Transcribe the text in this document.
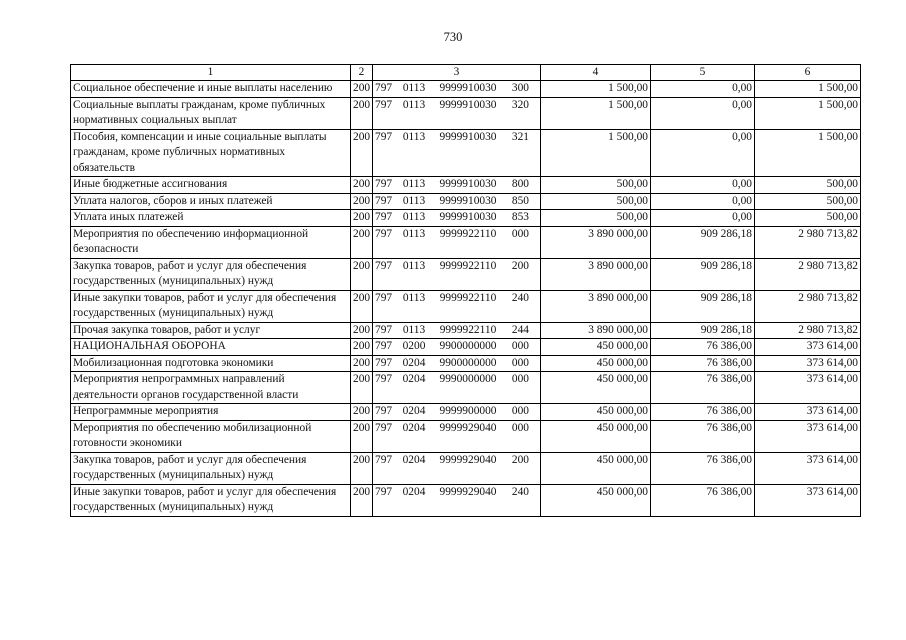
730
1	2	3	4	5	6
Социальное обеспечение и иные выплаты населению	200	797 0113 9999910030 300	1 500,00	0,00	1 500,00
Социальные выплаты гражданам, кроме публичных нормативных социальных выплат	200	797 0113 9999910030 320	1 500,00	0,00	1 500,00
Пособия, компенсации и иные социальные выплаты гражданам, кроме публичных нормативных обязательств	200	797 0113 9999910030 321	1 500,00	0,00	1 500,00
Иные бюджетные ассигнования	200	797 0113 9999910030 800	500,00	0,00	500,00
Уплата налогов, сборов и иных платежей	200	797 0113 9999910030 850	500,00	0,00	500,00
Уплата иных платежей	200	797 0113 9999910030 853	500,00	0,00	500,00
Мероприятия по обеспечению информационной безопасности	200	797 0113 9999922110 000	3 890 000,00	909 286,18	2 980 713,82
Закупка товаров, работ и услуг для обеспечения государственных (муниципальных) нужд	200	797 0113 9999922110 200	3 890 000,00	909 286,18	2 980 713,82
Иные закупки товаров, работ и услуг для обеспечения государственных (муниципальных) нужд	200	797 0113 9999922110 240	3 890 000,00	909 286,18	2 980 713,82
Прочая закупка товаров, работ и услуг	200	797 0113 9999922110 244	3 890 000,00	909 286,18	2 980 713,82
НАЦИОНАЛЬНАЯ ОБОРОНА	200	797 0200 9900000000 000	450 000,00	76 386,00	373 614,00
Мобилизационная подготовка экономики	200	797 0204 9900000000 000	450 000,00	76 386,00	373 614,00
Мероприятия непрограммных направлений деятельности органов государственной власти	200	797 0204 9990000000 000	450 000,00	76 386,00	373 614,00
Непрограммные мероприятия	200	797 0204 9999900000 000	450 000,00	76 386,00	373 614,00
Мероприятия по обеспечению мобилизационной готовности экономики	200	797 0204 9999929040 000	450 000,00	76 386,00	373 614,00
Закупка товаров, работ и услуг для обеспечения государственных (муниципальных) нужд	200	797 0204 9999929040 200	450 000,00	76 386,00	373 614,00
Иные закупки товаров, работ и услуг для обеспечения государственных (муниципальных) нужд	200	797 0204 9999929040 240	450 000,00	76 386,00	373 614,00
